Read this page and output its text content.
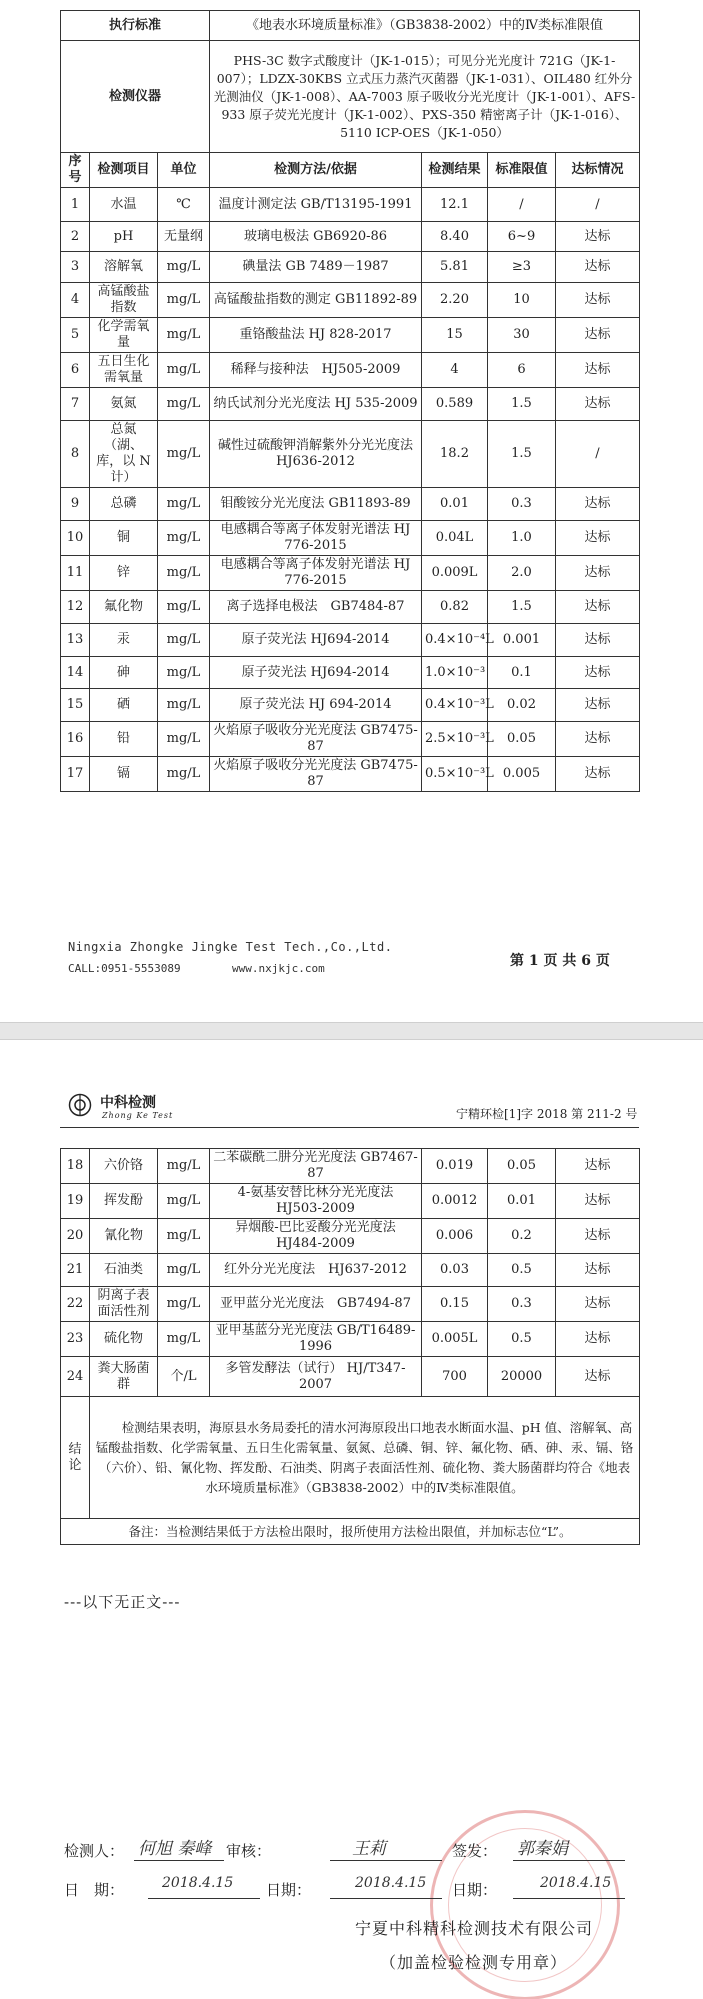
执行标准			《地表水环境质量标准》（GB3838-2002）中的Ⅳ类标准限值			
检测仪器			PHS-3C 数字式酸度计（JK-1-015）；可见分光光度计 721G（JK-1-007）；LDZX-30KBS 立式压力蒸汽灭菌器（JK-1-031）、OIL480 红外分光测油仪（JK-1-008）、AA-7003 原子吸收分光光度计（JK-1-001）、AFS-933 原子荧光光度计（JK-1-002）、PXS-350 精密离子计（JK-1-016）、5110 ICP-OES（JK-1-050）			
序号	检测项目	单位	检测方法/依据	检测结果	标准限值	达标情况
1	水温	℃	温度计测定法 GB/T13195-1991	12.1	/	/
2	pH	无量纲	玻璃电极法 GB6920-86	8.40	6~9	达标
3	溶解氧	mg/L	碘量法 GB 7489－1987	5.81	≥3	达标
4	高锰酸盐指数	mg/L	高锰酸盐指数的测定 GB11892-89	2.20	10	达标
5	化学需氧量	mg/L	重铬酸盐法 HJ 828-2017	15	30	达标
6	五日生化需氧量	mg/L	稀释与接种法　HJ505-2009	4	6	达标
7	氨氮	mg/L	纳氏试剂分光光度法 HJ 535-2009	0.589	1.5	达标
8	总氮（湖、库，以 N 计）	mg/L	碱性过硫酸钾消解紫外分光光度法 HJ636-2012	18.2	1.5	/
9	总磷	mg/L	钼酸铵分光光度法 GB11893-89	0.01	0.3	达标
10	铜	mg/L	电感耦合等离子体发射光谱法 HJ 776-2015	0.04L	1.0	达标
11	锌	mg/L	电感耦合等离子体发射光谱法 HJ 776-2015	0.009L	2.0	达标
12	氟化物	mg/L	离子选择电极法　GB7484-87	0.82	1.5	达标
13	汞	mg/L	原子荧光法 HJ694-2014	0.4×10⁻⁴L	0.001	达标
14	砷	mg/L	原子荧光法 HJ694-2014	1.0×10⁻³	0.1	达标
15	硒	mg/L	原子荧光法 HJ 694-2014	0.4×10⁻³L	0.02	达标
16	铅	mg/L	火焰原子吸收分光光度法 GB7475-87	2.5×10⁻³L	0.05	达标
17	镉	mg/L	火焰原子吸收分光光度法 GB7475-87	0.5×10⁻³L	0.005	达标
Ningxia Zhongke Jingke Test Tech.,Co.,Ltd.
CALL:0951-5553089	www.nxjkjc.com	第 1 页 共 6 页
中科检测
Zhong Ke Test	宁精环检[1]字 2018 第 211-2 号
18	六价铬	mg/L	二苯碳酰二肼分光光度法 GB7467-87	0.019	0.05	达标
19	挥发酚	mg/L	4-氨基安替比林分光光度法 HJ503-2009	0.0012	0.01	达标
20	氰化物	mg/L	异烟酸-巴比妥酸分光光度法 HJ484-2009	0.006	0.2	达标
21	石油类	mg/L	红外分光光度法　HJ637-2012	0.03	0.5	达标
22	阴离子表面活性剂	mg/L	亚甲蓝分光光度法　GB7494-87	0.15	0.3	达标
23	硫化物	mg/L	亚甲基蓝分光光度法 GB/T16489-1996	0.005L	0.5	达标
24	粪大肠菌群	个/L	多管发酵法（试行） HJ/T347-2007	700	20000	达标
结论	检测结果表明，海原县水务局委托的清水河海原段出口地表水断面水温、pH 值、溶解氧、高锰酸盐指数、化学需氧量、五日生化需氧量、氨氮、总磷、铜、锌、氟化物、硒、砷、汞、镉、铬（六价）、铅、氰化物、挥发酚、石油类、阴离子表面活性剂、硫化物、粪大肠菌群均符合《地表水环境质量标准》（GB3838-2002）中的Ⅳ类标准限值。					
备注：当检测结果低于方法检出限时，报所使用方法检出限值，并加标志位“L”。						
---以下无正文---
检测人： 何旭 秦峰 审核：	王莉	签发： 郭秦娟
日　期：	2018.4.15 日期：	2018.4.15 日期：	2018.4.15
宁夏中科精科检测技术有限公司
（加盖检验检测专用章）
